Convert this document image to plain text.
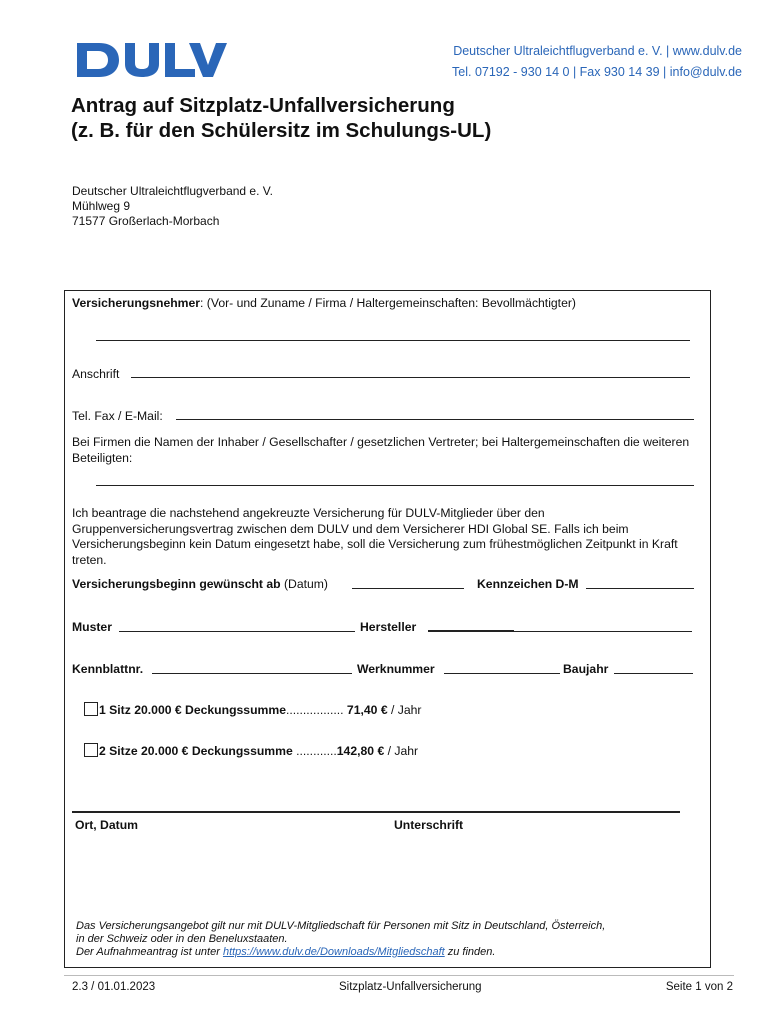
Deutscher Ultraleichtflugverband e. V. | www.dulv.de
Tel. 07192 - 930 14 0 | Fax 930 14 39 | info@dulv.de
Antrag auf Sitzplatz-Unfallversicherung
(z. B. für den Schülersitz im Schulungs-UL)
Deutscher Ultraleichtflugverband e. V.
Mühlweg 9
71577 Großerlach-Morbach
Versicherungsnehmer: (Vor- und Zuname / Firma / Haltergemeinschaften: Bevollmächtigter)
Anschrift
Tel. Fax / E-Mail:
Bei Firmen die Namen der Inhaber / Gesellschafter / gesetzlichen Vertreter; bei Haltergemeinschaften die weiteren Beteiligten:
Ich beantrage die nachstehend angekreuzte Versicherung für DULV-Mitglieder über den Gruppenversicherungsvertrag zwischen dem DULV und dem Versicherer HDI Global SE. Falls ich beim Versicherungsbeginn kein Datum eingesetzt habe, soll die Versicherung zum frühestmöglichen Zeitpunkt in Kraft treten.
Versicherungsbeginn gewünscht ab (Datum)	Kennzeichen D-M
Muster	Hersteller
Kennblattnr.	Werknummer	Baujahr
1 Sitz 20.000 € Deckungssumme................. 71,40 € / Jahr
2 Sitze 20.000 € Deckungssumme ............142,80 € / Jahr
Ort, Datum	Unterschrift
Das Versicherungsangebot gilt nur mit DULV-Mitgliedschaft für Personen mit Sitz in Deutschland, Österreich,
in der Schweiz oder in den Beneluxstaaten.
Der Aufnahmeantrag ist unter https://www.dulv.de/Downloads/Mitgliedschaft zu finden.
2.3 / 01.01.2023	Sitzplatz-Unfallversicherung	Seite 1 von 2
